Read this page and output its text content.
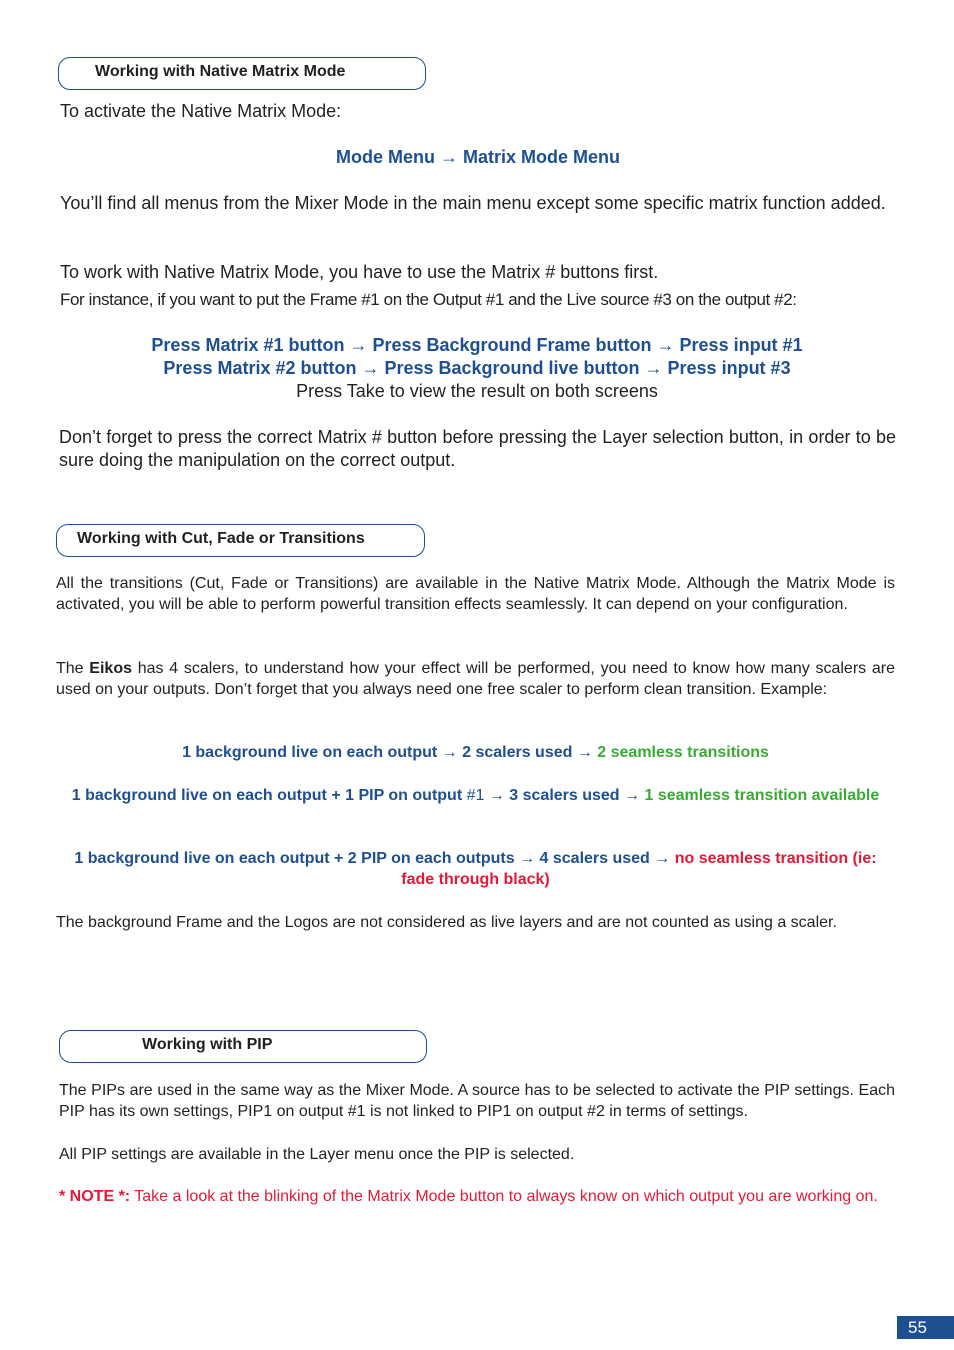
Working with Native Matrix Mode

To activate the Native Matrix Mode:

Mode Menu → Matrix Mode Menu

You’ll find all menus from the Mixer Mode in the main menu except some specific matrix function added.

To work with Native Matrix Mode, you have to use the Matrix # buttons first.

For instance, if you want to put the Frame #1 on the Output #1 and the Live source #3 on the output #2:

Press Matrix #1 button → Press Background Frame button → Press input #1

Press Matrix #2 button → Press Background live button → Press input #3

Press Take to view the result on both screens

Don’t forget to press the correct Matrix # button before pressing the Layer selection button, in order to be sure doing the manipulation on the correct output.

Working with Cut, Fade or Transitions

All the transitions (Cut, Fade or Transitions) are available in the Native Matrix Mode. Although the Matrix Mode is activated, you will be able to perform powerful transition effects seamlessly. It can depend on your configuration.

The Eikos has 4 scalers, to understand how your effect will be performed, you need to know how many scalers are used on your outputs. Don’t forget that you always need one free scaler to perform clean transition. Example:

1 background live on each output → 2 scalers used → 2 seamless transitions

1 background live on each output + 1 PIP on output #1 → 3 scalers used → 1 seamless transition available

1 background live on each output + 2 PIP on each outputs → 4 scalers used → no seamless transition (ie: fade through black)

The background Frame and the Logos are not considered as live layers and are not counted as using a scaler.

Working with PIP

The PIPs are used in the same way as the Mixer Mode. A source has to be selected to activate the PIP settings. Each PIP has its own settings, PIP1 on output #1 is not linked to PIP1 on output #2 in terms of settings.

All PIP settings are available in the Layer menu once the PIP is selected.

* NOTE *: Take a look at the blinking of the Matrix Mode button to always know on which output you are working on.

55
